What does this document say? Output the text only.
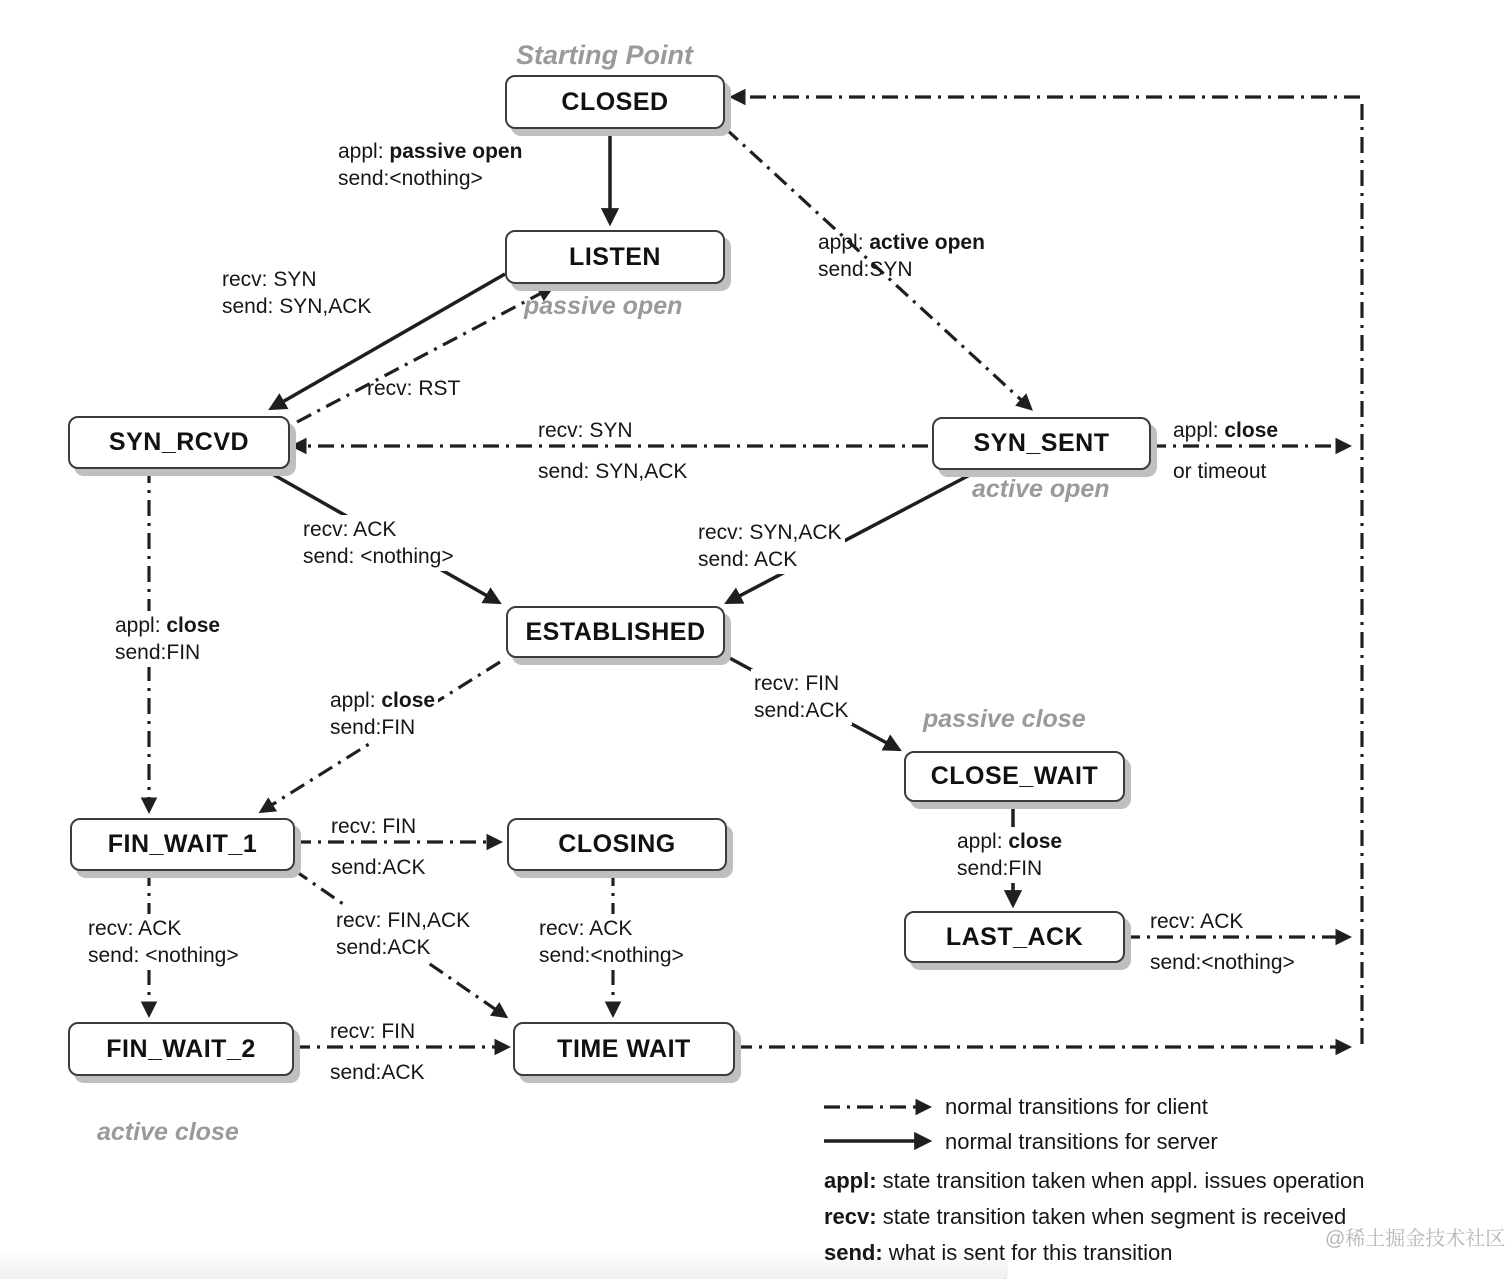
Starting Point
passive open
active open
passive close
active close
CLOSED
LISTEN
SYN_RCVD	SYN_SENT
ESTABLISHED
CLOSE_WAIT
FIN_WAIT_1	CLOSING
LAST_ACK
FIN_WAIT_2	TIME WAIT
appl: passive open
send:<nothing>
recv: SYN
send: SYN,ACK
recv: RST
appl: active open
send:SYN
recv: SYN
send: SYN,ACK
appl: close
or timeout
recv: ACK
send: <nothing>
recv: SYN,ACK
send: ACK
appl: close
send:FIN
appl: close
send:FIN
recv: FIN
send:ACK
appl: close
send:FIN
recv: ACK
send:<nothing>
recv: FIN
send:ACK
recv: ACK
send: <nothing>
recv: FIN,ACK
send:ACK
recv: ACK
send:<nothing>
recv: FIN
send:ACK
normal transitions for client
normal transitions for server
appl: state transition taken when appl. issues operation
recv: state transition taken when segment is received
send: what is sent for this transition
@稀土掘金技术社区
